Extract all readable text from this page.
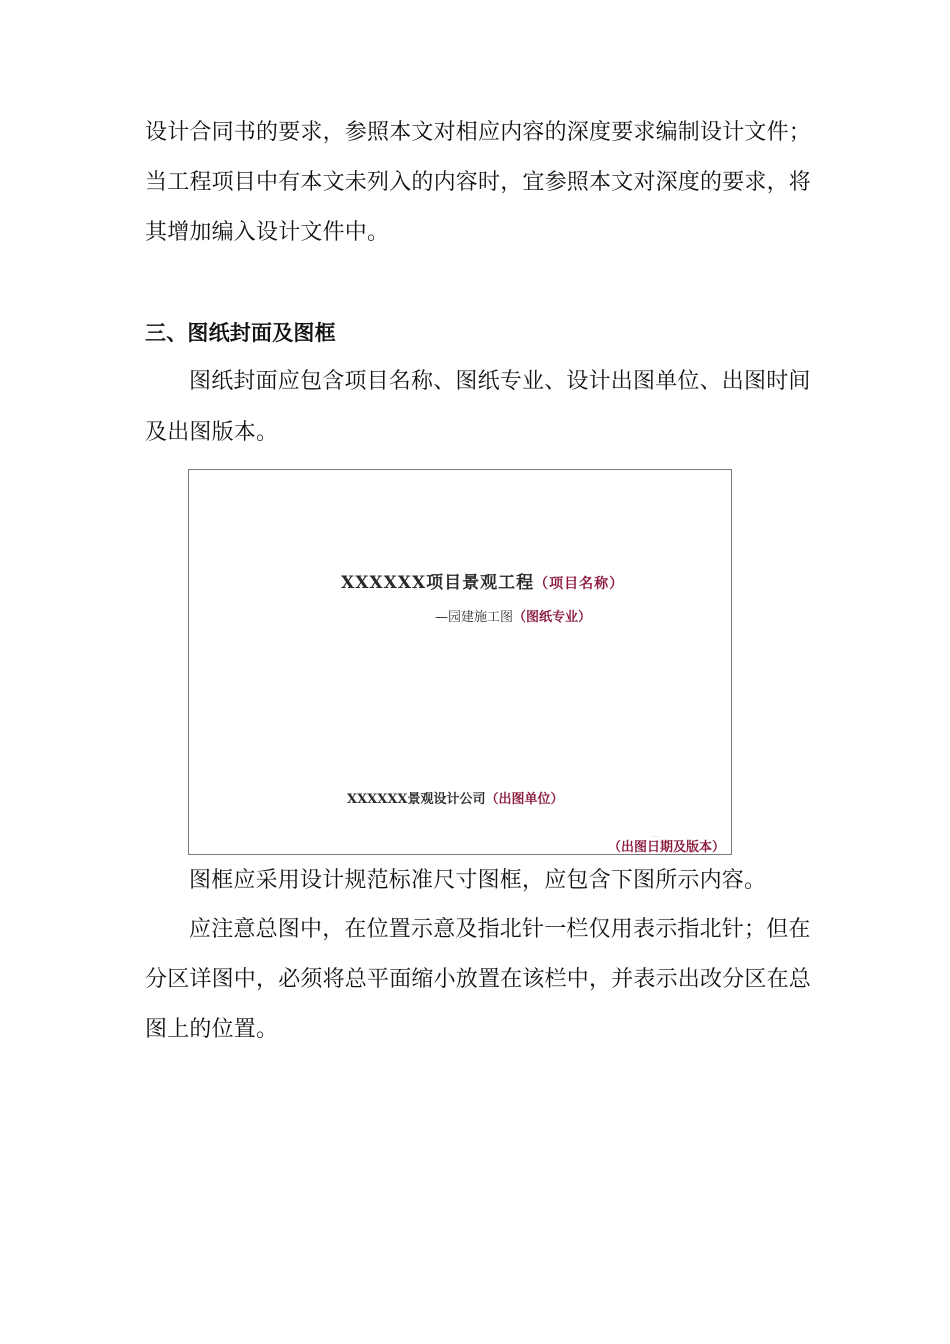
设计合同书的要求，参照本文对相应内容的深度要求编制设计文件；
当工程项目中有本文未列入的内容时，宜参照本文对深度的要求，将
其增加编入设计文件中。
三、图纸封面及图框
图纸封面应包含项目名称、图纸专业、设计出图单位、出图时间
及出图版本。
XXXXXX项目景观工程（项目名称）
—园建施工图（图纸专业）
XXXXXX景观设计公司（出图单位）
.....
（出图日期及版本）
图框应采用设计规范标准尺寸图框，应包含下图所示内容。
应注意总图中，在位置示意及指北针一栏仅用表示指北针；但在
分区详图中，必须将总平面缩小放置在该栏中，并表示出改分区在总
图上的位置。
